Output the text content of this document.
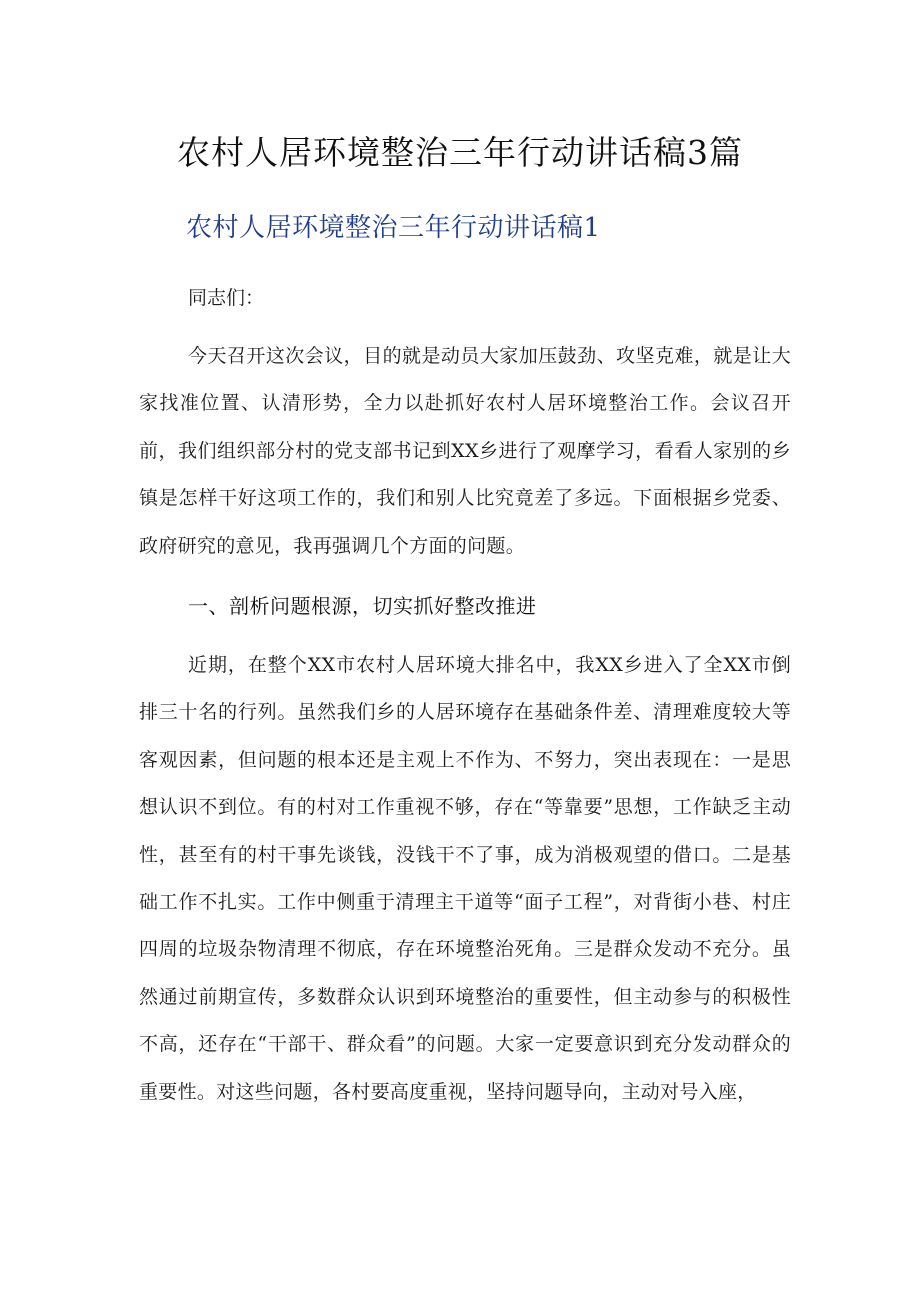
农村人居环境整治三年行动讲话稿3篇
农村人居环境整治三年行动讲话稿1

同志们：

今天召开这次会议，目的就是动员大家加压鼓劲、攻坚克难，就是让大家找准位置、认清形势，全力以赴抓好农村人居环境整治工作。会议召开前，我们组织部分村的党支部书记到XX乡进行了观摩学习，看看人家别的乡镇是怎样干好这项工作的，我们和别人比究竟差了多远。下面根据乡党委、政府研究的意见，我再强调几个方面的问题。

一、剖析问题根源，切实抓好整改推进

近期，在整个XX市农村人居环境大排名中，我XX乡进入了全XX市倒排三十名的行列。虽然我们乡的人居环境存在基础条件差、清理难度较大等客观因素，但问题的根本还是主观上不作为、不努力，突出表现在：一是思想认识不到位。有的村对工作重视不够，存在“等靠要”思想，工作缺乏主动性，甚至有的村干事先谈钱，没钱干不了事，成为消极观望的借口。二是基础工作不扎实。工作中侧重于清理主干道等“面子工程”，对背街小巷、村庄四周的垃圾杂物清理不彻底，存在环境整治死角。三是群众发动不充分。虽然通过前期宣传，多数群众认识到环境整治的重要性，但主动参与的积极性不高，还存在“干部干、群众看”的问题。大家一定要意识到充分发动群众的重要性。对这些问题，各村要高度重视，坚持问题导向，主动对号入座，
